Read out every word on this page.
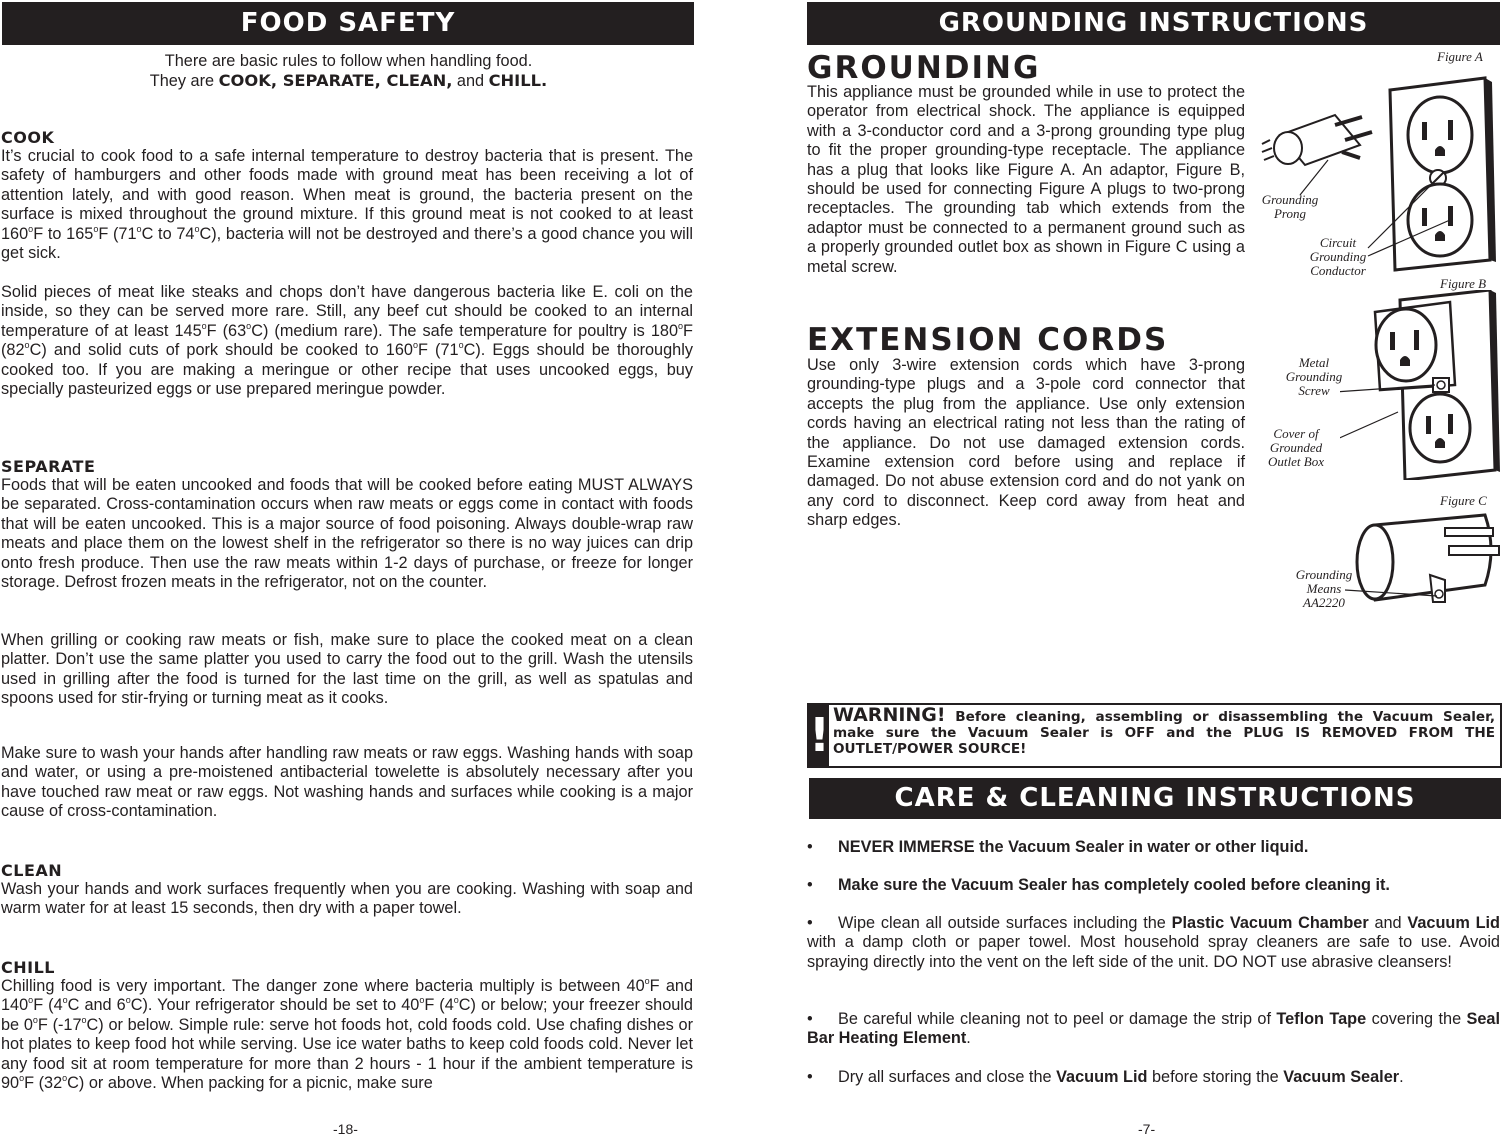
FOOD SAFETY
There are basic rules to follow when handling food.
They are COOK, SEPARATE, CLEAN, and CHILL.
COOK

It’s crucial to cook food to a safe internal temperature to destroy bacteria that is present. The safety of hamburgers and other foods made with ground meat has been receiving a lot of attention lately, and with good reason. When meat is ground, the bacteria present on the surface is mixed throughout the ground mixture. If this ground meat is not cooked to at least 160$^o$F to 165$^o$F (71$^o$C to 74$^o$C), bacteria will not be destroyed and there’s a good chance you will get sick.

Solid pieces of meat like steaks and chops don’t have dangerous bacteria like E. coli on the inside, so they can be served more rare. Still, any beef cut should be cooked to an internal temperature of at least 145$^o$F (63$^o$C) (medium rare). The safe temperature for poultry is 180$^o$F (82$^o$C) and solid cuts of pork should be cooked to 160$^o$F (71$^o$C). Eggs should be thoroughly cooked too. If you are making a meringue or other recipe that uses uncooked eggs, buy specially pasteurized eggs or use prepared meringue powder.

SEPARATE

Foods that will be eaten uncooked and foods that will be cooked before eating MUST ALWAYS be separated. Cross-contamination occurs when raw meats or eggs come in contact with foods that will be eaten uncooked. This is a major source of food poisoning. Always double-wrap raw meats and place them on the lowest shelf in the refrigerator so there is no way juices can drip onto fresh produce. Then use the raw meats within 1-2 days of purchase, or freeze for longer storage. Defrost frozen meats in the refrigerator, not on the counter.

When grilling or cooking raw meats or fish, make sure to place the cooked meat on a clean platter. Don’t use the same platter you used to carry the food out to the grill. Wash the utensils used in grilling after the food is turned for the last time on the grill, as well as spatulas and spoons used for stir-frying or turning meat as it cooks.

Make sure to wash your hands after handling raw meats or raw eggs. Washing hands with soap and water, or using a pre-moistened antibacterial towelette is absolutely necessary after you have touched raw meat or raw eggs. Not washing hands and surfaces while cooking is a major cause of cross-contamination.

CLEAN

Wash your hands and work surfaces frequently when you are cooking. Washing with soap and warm water for at least 15 seconds, then dry with a paper towel.

CHILL

Chilling food is very important. The danger zone where bacteria multiply is between 40$^o$F and 140$^o$F (4$^o$C and 6$^o$C). Your refrigerator should be set to 40$^o$F (4$^o$C) or below; your freezer should be 0$^o$F (-17$^o$C) or below. Simple rule: serve hot foods hot, cold foods cold. Use chafing dishes or hot plates to keep food hot while serving. Use ice water baths to keep cold foods cold. Never let any food sit at room temperature for more than 2 hours - 1 hour if the ambient temperature is 90$^o$F (32$^o$C) or above. When packing for a picnic, make sure

-18-
GROUNDING INSTRUCTIONS
GROUNDING

This appliance must be grounded while in use to protect the operator from electrical shock. The appliance is equipped with a 3-conductor cord and a 3-prong grounding type plug to fit the proper grounding-type receptacle. The appliance has a plug that looks like Figure A. An adaptor, Figure B, should be used for connecting Figure A plugs to two-prong receptacles. The grounding tab which extends from the adaptor must be connected to a permanent ground such as a properly grounded outlet box as shown in Figure C using a metal screw.

EXTENSION CORDS

Use only 3-wire extension cords which have 3-prong grounding-type plugs and a 3-pole cord connector that accepts the plug from the appliance. Use only extension cords having an electrical rating not less than the rating of the appliance. Do not use damaged extension cords. Examine extension cord before using and replace if damaged. Do not abuse extension cord and do not yank on any cord to disconnect. Keep cord away from heat and sharp edges.

Figure A
Grounding Prong
Circuit Grounding Conductor
Figure B
Metal Grounding Screw
Cover of Grounded Outlet Box
Figure C
Grounding Means AA2220
! WARNING! Before cleaning, assembling or disassembling the Vacuum Sealer, make sure the Vacuum Sealer is OFF and the PLUG IS REMOVED FROM THE OUTLET/POWER SOURCE!
CARE & CLEANING INSTRUCTIONS

• NEVER IMMERSE the Vacuum Sealer in water or other liquid.

• Make sure the Vacuum Sealer has completely cooled before cleaning it.

• Wipe clean all outside surfaces including the Plastic Vacuum Chamber and Vacuum Lid with a damp cloth or paper towel. Most household spray cleaners are safe to use. Avoid spraying directly into the vent on the left side of the unit. DO NOT use abrasive cleansers!

• Be careful while cleaning not to peel or damage the strip of Teflon Tape covering the Seal Bar Heating Element.

• Dry all surfaces and close the Vacuum Lid before storing the Vacuum Sealer.

-7-
